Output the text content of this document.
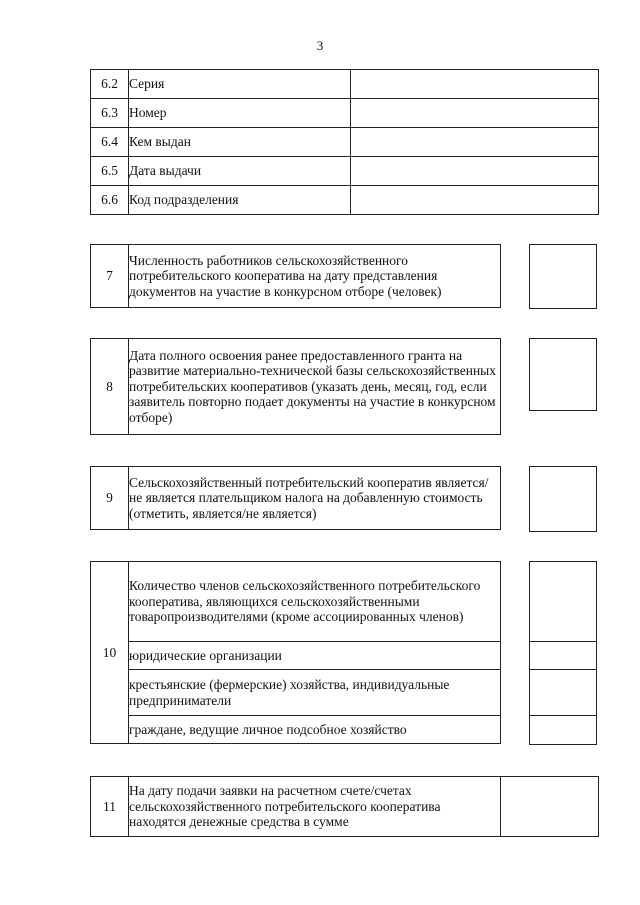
3
6.2	Серия	
6.3	Номер	
6.4	Кем выдан	
6.5	Дата выдачи	
6.6	Код подразделения	
7	Численность работников сельскохозяйственного потребительского кооператива на дату представления документов на участие в конкурсном отборе (человек)
8	Дата полного освоения ранее предоставленного гранта на развитие материально-технической базы сельскохозяйственных потребительских кооперативов (указать день, месяц, год, если заявитель повторно подает документы на участие в конкурсном отборе)
9	Сельскохозяйственный потребительский кооператив является/не является плательщиком налога на добавленную стоимость (отметить, является/не является)
10	Количество членов сельскохозяйственного потребительского кооператива, являющихся сельскохозяйственными товаропроизводителями (кроме ассоциированных членов)
юридические организации
крестьянские (фермерские) хозяйства, индивидуальные предприниматели
граждане, ведущие личное подсобное хозяйство
11	На дату подачи заявки на расчетном счете/счетах сельскохозяйственного потребительского кооператива находятся денежные средства в сумме	
